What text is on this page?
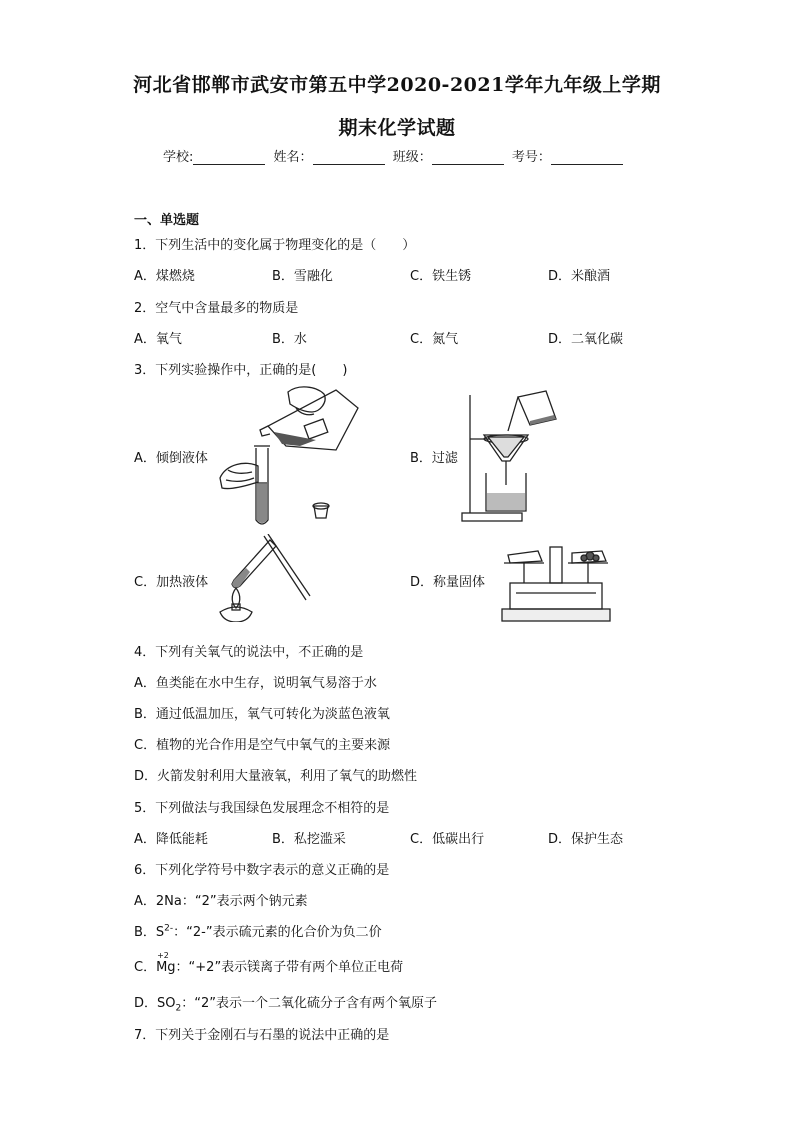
河北省邯郸市武安市第五中学2020-2021学年九年级上学期
期末化学试题
学校:	姓名：	班级：	考号：
一、单选题
1．下列生活中的变化属于物理变化的是（　　）
A．煤燃烧	B．雪融化	C．铁生锈	D．米酿酒
2．空气中含量最多的物质是
A．氧气	B．水	C．氮气	D．二氧化碳
3．下列实验操作中，正确的是(　　)
A．倾倒液体	B．过滤
C．加热液体	D．称量固体
4．下列有关氧气的说法中，不正确的是
A．鱼类能在水中生存，说明氧气易溶于水
B．通过低温加压，氧气可转化为淡蓝色液氧
C．植物的光合作用是空气中氧气的主要来源
D．火箭发射利用大量液氧，利用了氧气的助燃性
5．下列做法与我国绿色发展理念不相符的是
A．降低能耗	B．私挖滥采	C．低碳出行	D．保护生态
6．下列化学符号中数字表示的意义正确的是
A．2Na：“2”表示两个钠元素
B．$S^{2-}$：“2-”表示硫元素的化合价为负二价
C．
+2
Mg：“+2”表示镁离子带有两个单位正电荷
D．$SO_2$：“2”表示一个二氧化硫分子含有两个氧原子
7．下列关于金刚石与石墨的说法中正确的是
